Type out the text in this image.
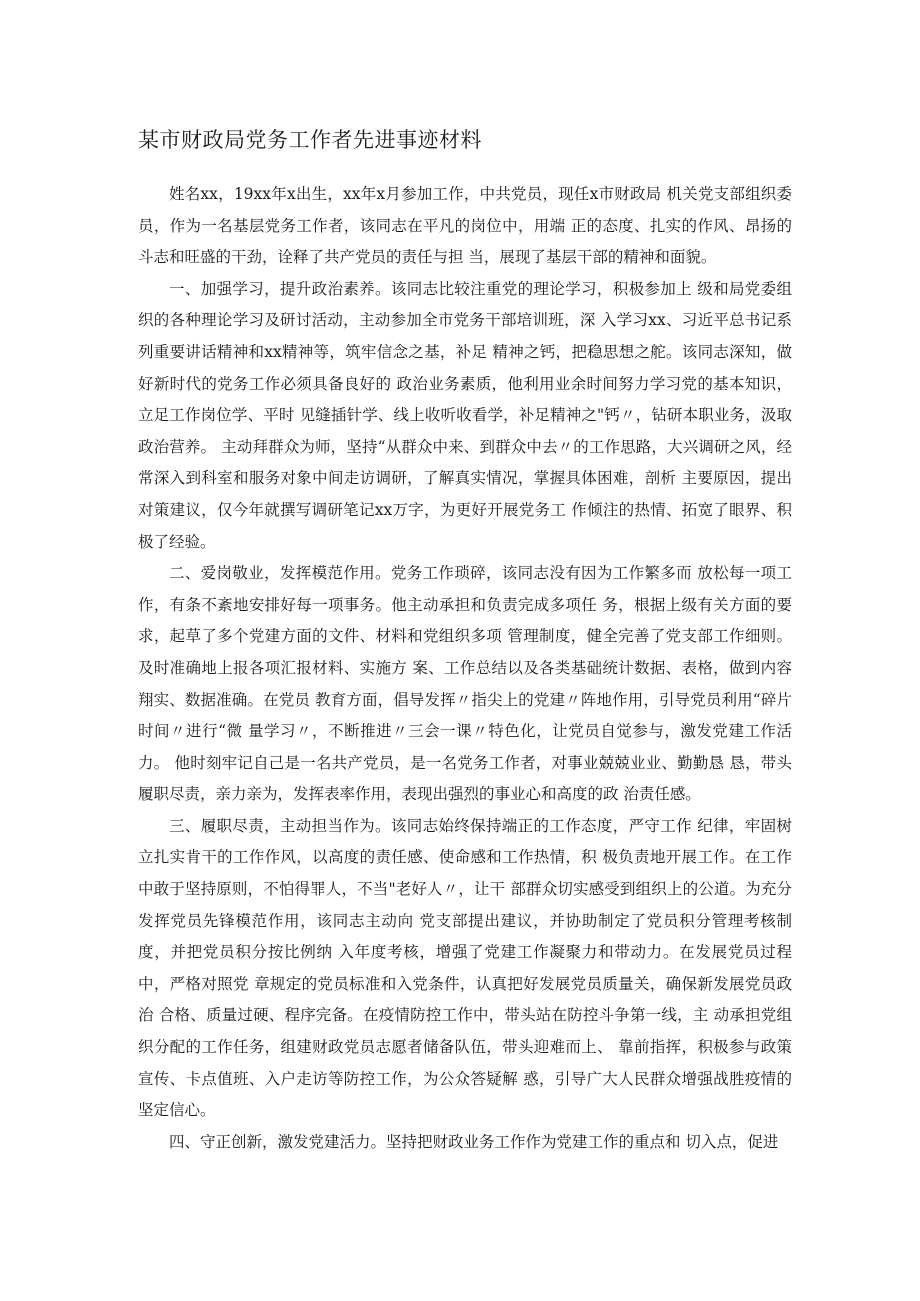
某市财政局党务工作者先进事迹材料

姓名xx，19xx年x出生，xx年x月参加工作，中共党员，现任x市财政局 机关党支部组织委员，作为一名基层党务工作者，该同志在平凡的岗位中，用端 正的态度、扎实的作风、昂扬的斗志和旺盛的干劲，诠释了共产党员的责任与担 当，展现了基层干部的精神和面貌。

一、加强学习，提升政治素养。该同志比较注重党的理论学习，积极参加上 级和局党委组织的各种理论学习及研讨活动，主动参加全市党务干部培训班，深 入学习xx、习近平总书记系列重要讲话精神和xx精神等，筑牢信念之基，补足 精神之钙，把稳思想之舵。该同志深知，做好新时代的党务工作必须具备良好的 政治业务素质，他利用业余时间努力学习党的基本知识，立足工作岗位学、平时 见缝插针学、线上收听收看学，补足精神之"钙〃，钻研本职业务，汲取政治营养。 主动拜群众为师，坚持“从群众中来、到群众中去〃的工作思路，大兴调研之风，经常深入到科室和服务对象中间走访调研，了解真实情况，掌握具体困难，剖析 主要原因，提出对策建议，仅今年就撰写调研笔记xx万字，为更好开展党务工 作倾注的热情、拓宽了眼界、积极了经验。

二、爱岗敬业，发挥模范作用。党务工作琐碎，该同志没有因为工作繁多而 放松每一项工作，有条不紊地安排好每一项事务。他主动承担和负责完成多项任 务，根据上级有关方面的要求，起草了多个党建方面的文件、材料和党组织多项 管理制度，健全完善了党支部工作细则。及时准确地上报各项汇报材料、实施方 案、工作总结以及各类基础统计数据、表格，做到内容翔实、数据准确。在党员 教育方面，倡导发挥〃指尖上的党建〃阵地作用，引导党员利用“碎片时间〃进行“微 量学习〃，不断推进〃三会一课〃特色化，让党员自觉参与，激发党建工作活力。 他时刻牢记自己是一名共产党员，是一名党务工作者，对事业兢兢业业、勤勤恳 恳，带头履职尽责，亲力亲为，发挥表率作用，表现出强烈的事业心和高度的政 治责任感。

三、履职尽责，主动担当作为。该同志始终保持端正的工作态度，严守工作 纪律，牢固树立扎实肯干的工作作风，以高度的责任感、使命感和工作热情，积 极负责地开展工作。在工作中敢于坚持原则，不怕得罪人，不当"老好人〃，让干 部群众切实感受到组织上的公道。为充分发挥党员先锋模范作用，该同志主动向 党支部提出建议，并协助制定了党员积分管理考核制度，并把党员积分按比例纳 入年度考核，增强了党建工作凝聚力和带动力。在发展党员过程中，严格对照党 章规定的党员标准和入党条件，认真把好发展党员质量关，确保新发展党员政治 合格、质量过硬、程序完备。在疫情防控工作中，带头站在防控斗争第一线，主 动承担党组织分配的工作任务，组建财政党员志愿者储备队伍，带头迎难而上、 靠前指挥，积极参与政策宣传、卡点值班、入户走访等防控工作，为公众答疑解 惑，引导广大人民群众增强战胜疫情的坚定信心。

四、守正创新，激发党建活力。坚持把财政业务工作作为党建工作的重点和 切入点，促进
